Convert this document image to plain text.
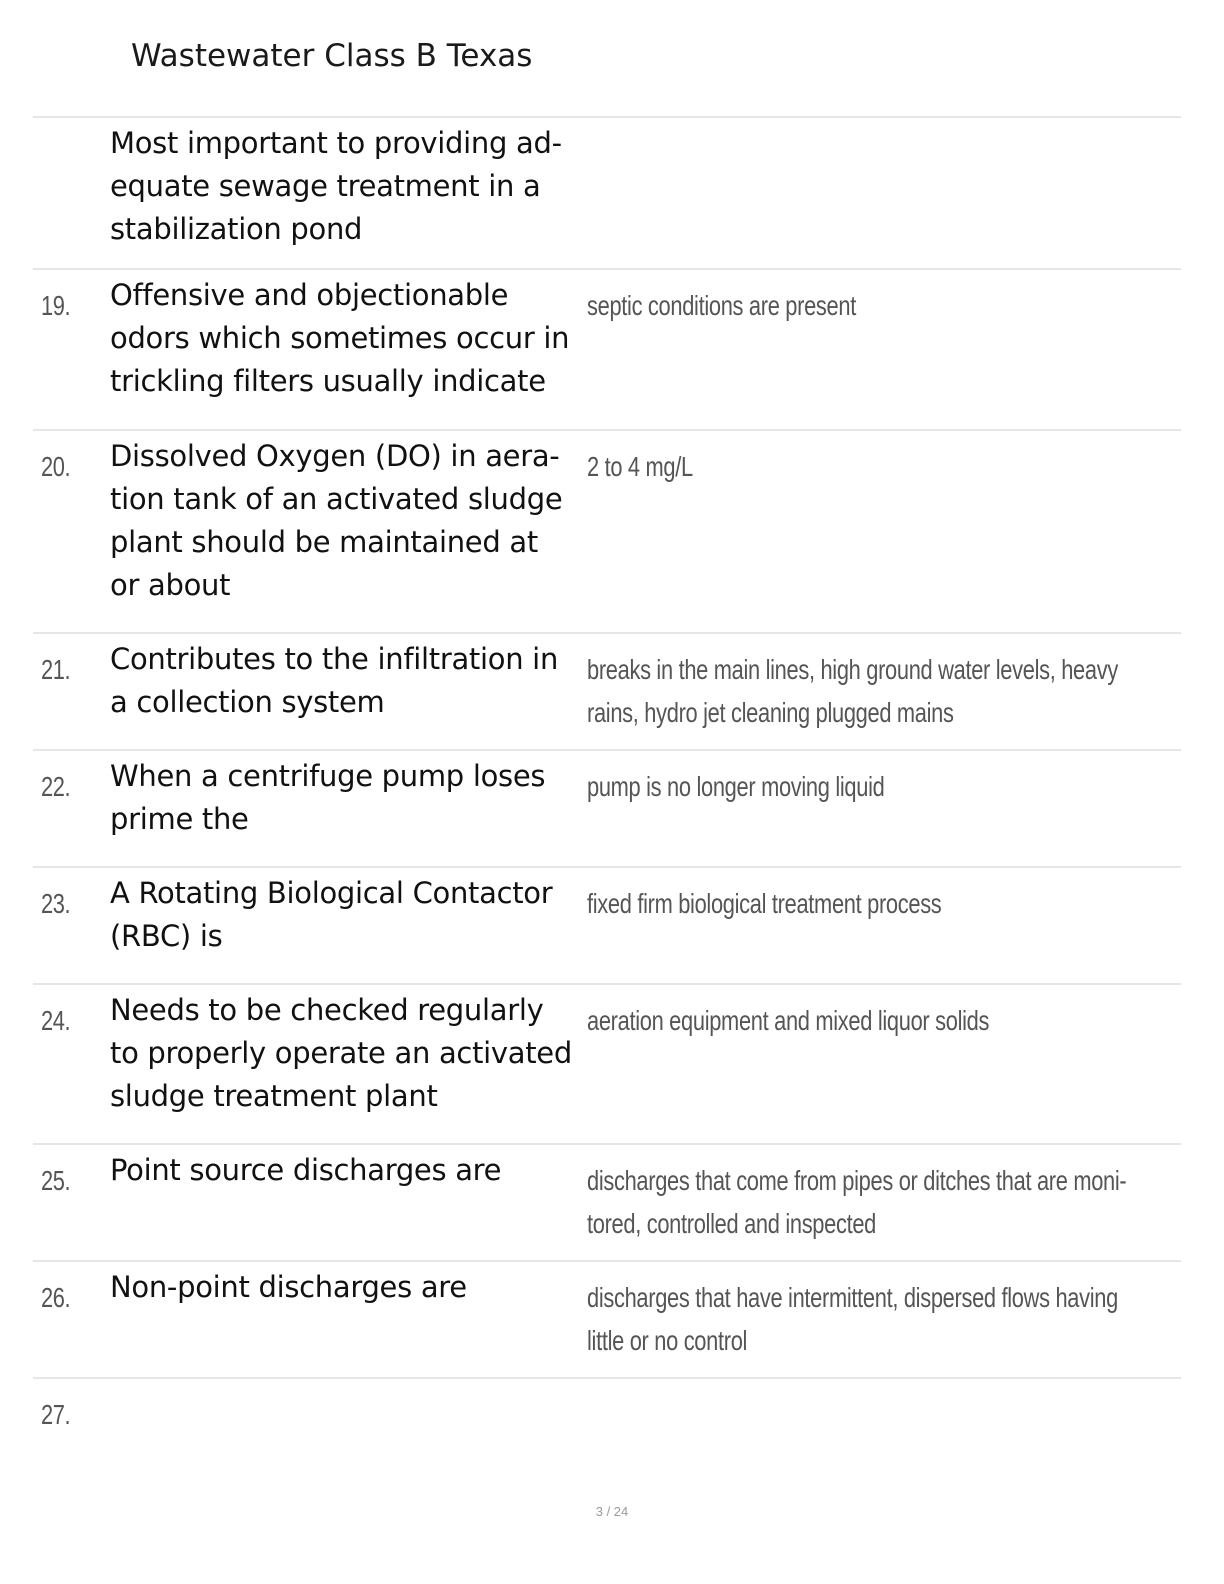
Wastewater Class B Texas
Most important to providing ad-
equate sewage treatment in a
stabilization pond
19. Offensive and objectionable
odors which sometimes occur in
trickling filters usually indicate
septic conditions are present
20. Dissolved Oxygen (DO) in aera-
tion tank of an activated sludge
plant should be maintained at
or about
2 to 4 mg/L
21. Contributes to the infiltration in
a collection system
breaks in the main lines, high ground water levels, heavy
rains, hydro jet cleaning plugged mains
22. When a centrifuge pump loses
prime the
pump is no longer moving liquid
23. A Rotating Biological Contactor
(RBC) is
fixed firm biological treatment process
24. Needs to be checked regularly
to properly operate an activated
sludge treatment plant
aeration equipment and mixed liquor solids
25. Point source discharges are	discharges that come from pipes or ditches that are moni-
tored, controlled and inspected
26. Non-point discharges are	discharges that have intermittent, dispersed flows having
little or no control
27.
3 / 24
